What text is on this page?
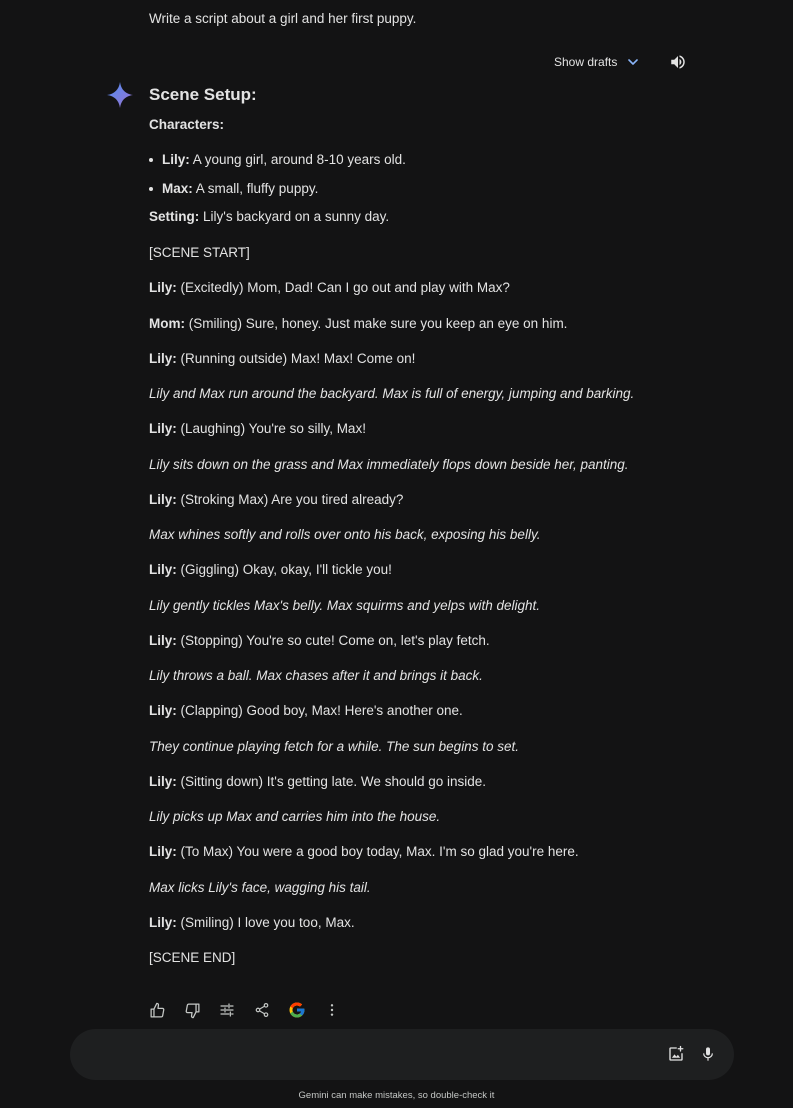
Write a script about a girl and her first puppy.
Show drafts
Scene Setup:
Characters:
Lily: A young girl, around 8-10 years old.
Max: A small, fluffy puppy.
Setting: Lily's backyard on a sunny day.
[SCENE START]
Lily: (Excitedly) Mom, Dad! Can I go out and play with Max?
Mom: (Smiling) Sure, honey. Just make sure you keep an eye on him.
Lily: (Running outside) Max! Max! Come on!
Lily and Max run around the backyard. Max is full of energy, jumping and barking.
Lily: (Laughing) You're so silly, Max!
Lily sits down on the grass and Max immediately flops down beside her, panting.
Lily: (Stroking Max) Are you tired already?
Max whines softly and rolls over onto his back, exposing his belly.
Lily: (Giggling) Okay, okay, I'll tickle you!
Lily gently tickles Max's belly. Max squirms and yelps with delight.
Lily: (Stopping) You're so cute! Come on, let's play fetch.
Lily throws a ball. Max chases after it and brings it back.
Lily: (Clapping) Good boy, Max! Here's another one.
They continue playing fetch for a while. The sun begins to set.
Lily: (Sitting down) It's getting late. We should go inside.
Lily picks up Max and carries him into the house.
Lily: (To Max) You were a good boy today, Max. I'm so glad you're here.
Max licks Lily's face, wagging his tail.
Lily: (Smiling) I love you too, Max.
[SCENE END]
Gemini can make mistakes, so double-check it
